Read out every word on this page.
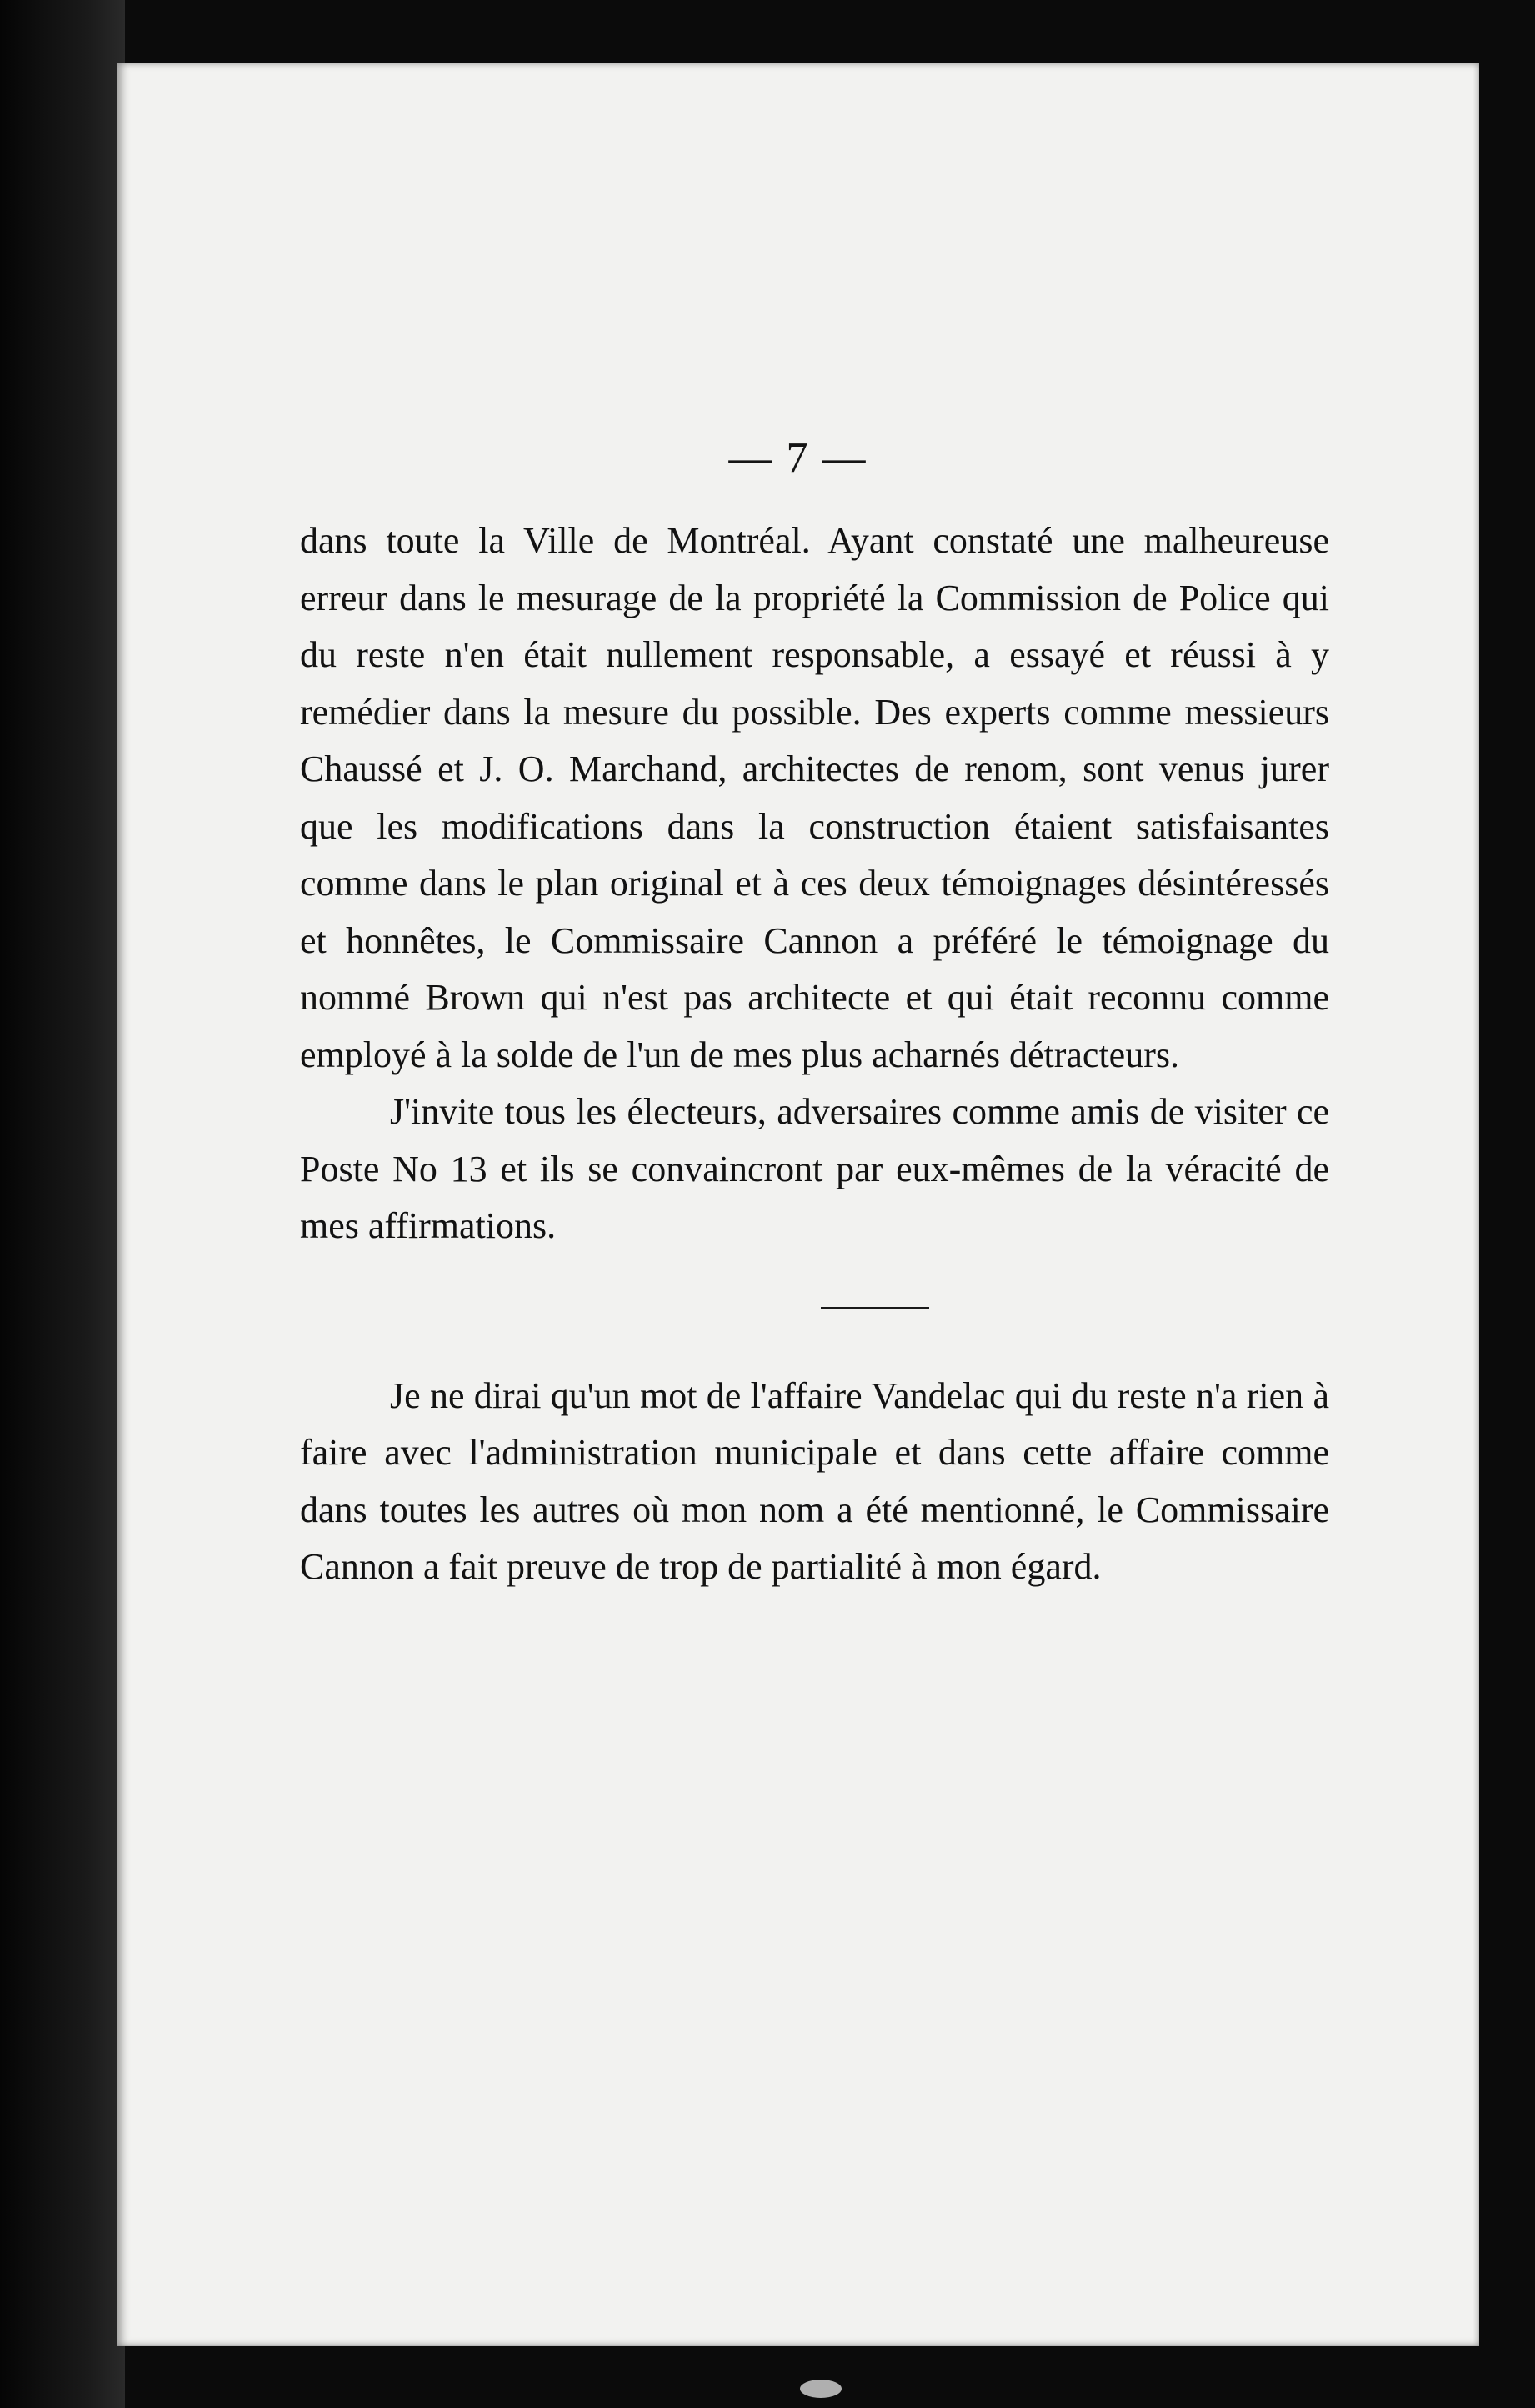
— 7 —

dans toute la Ville de Montréal. Ayant constaté une malheureuse erreur dans le mesurage de la propriété la Commission de Police qui du reste n'en était nullement responsable, a essayé et réussi à y remédier dans la mesure du possible. Des experts comme messieurs Chaussé et J. O. Marchand, architectes de renom, sont venus jurer que les modifications dans la construction étaient satisfaisantes comme dans le plan original et à ces deux témoignages désintéressés et honnêtes, le Commissaire Cannon a préféré le témoignage du nommé Brown qui n'est pas architecte et qui était reconnu comme employé à la solde de l'un de mes plus acharnés détracteurs.

J'invite tous les électeurs, adversaires comme amis de visiter ce Poste No 13 et ils se convaincront par eux-mêmes de la véracité de mes affirmations.

Je ne dirai qu'un mot de l'affaire Vandelac qui du reste n'a rien à faire avec l'administration municipale et dans cette affaire comme dans toutes les autres où mon nom a été mentionné, le Commissaire Cannon a fait preuve de trop de partialité à mon égard.
